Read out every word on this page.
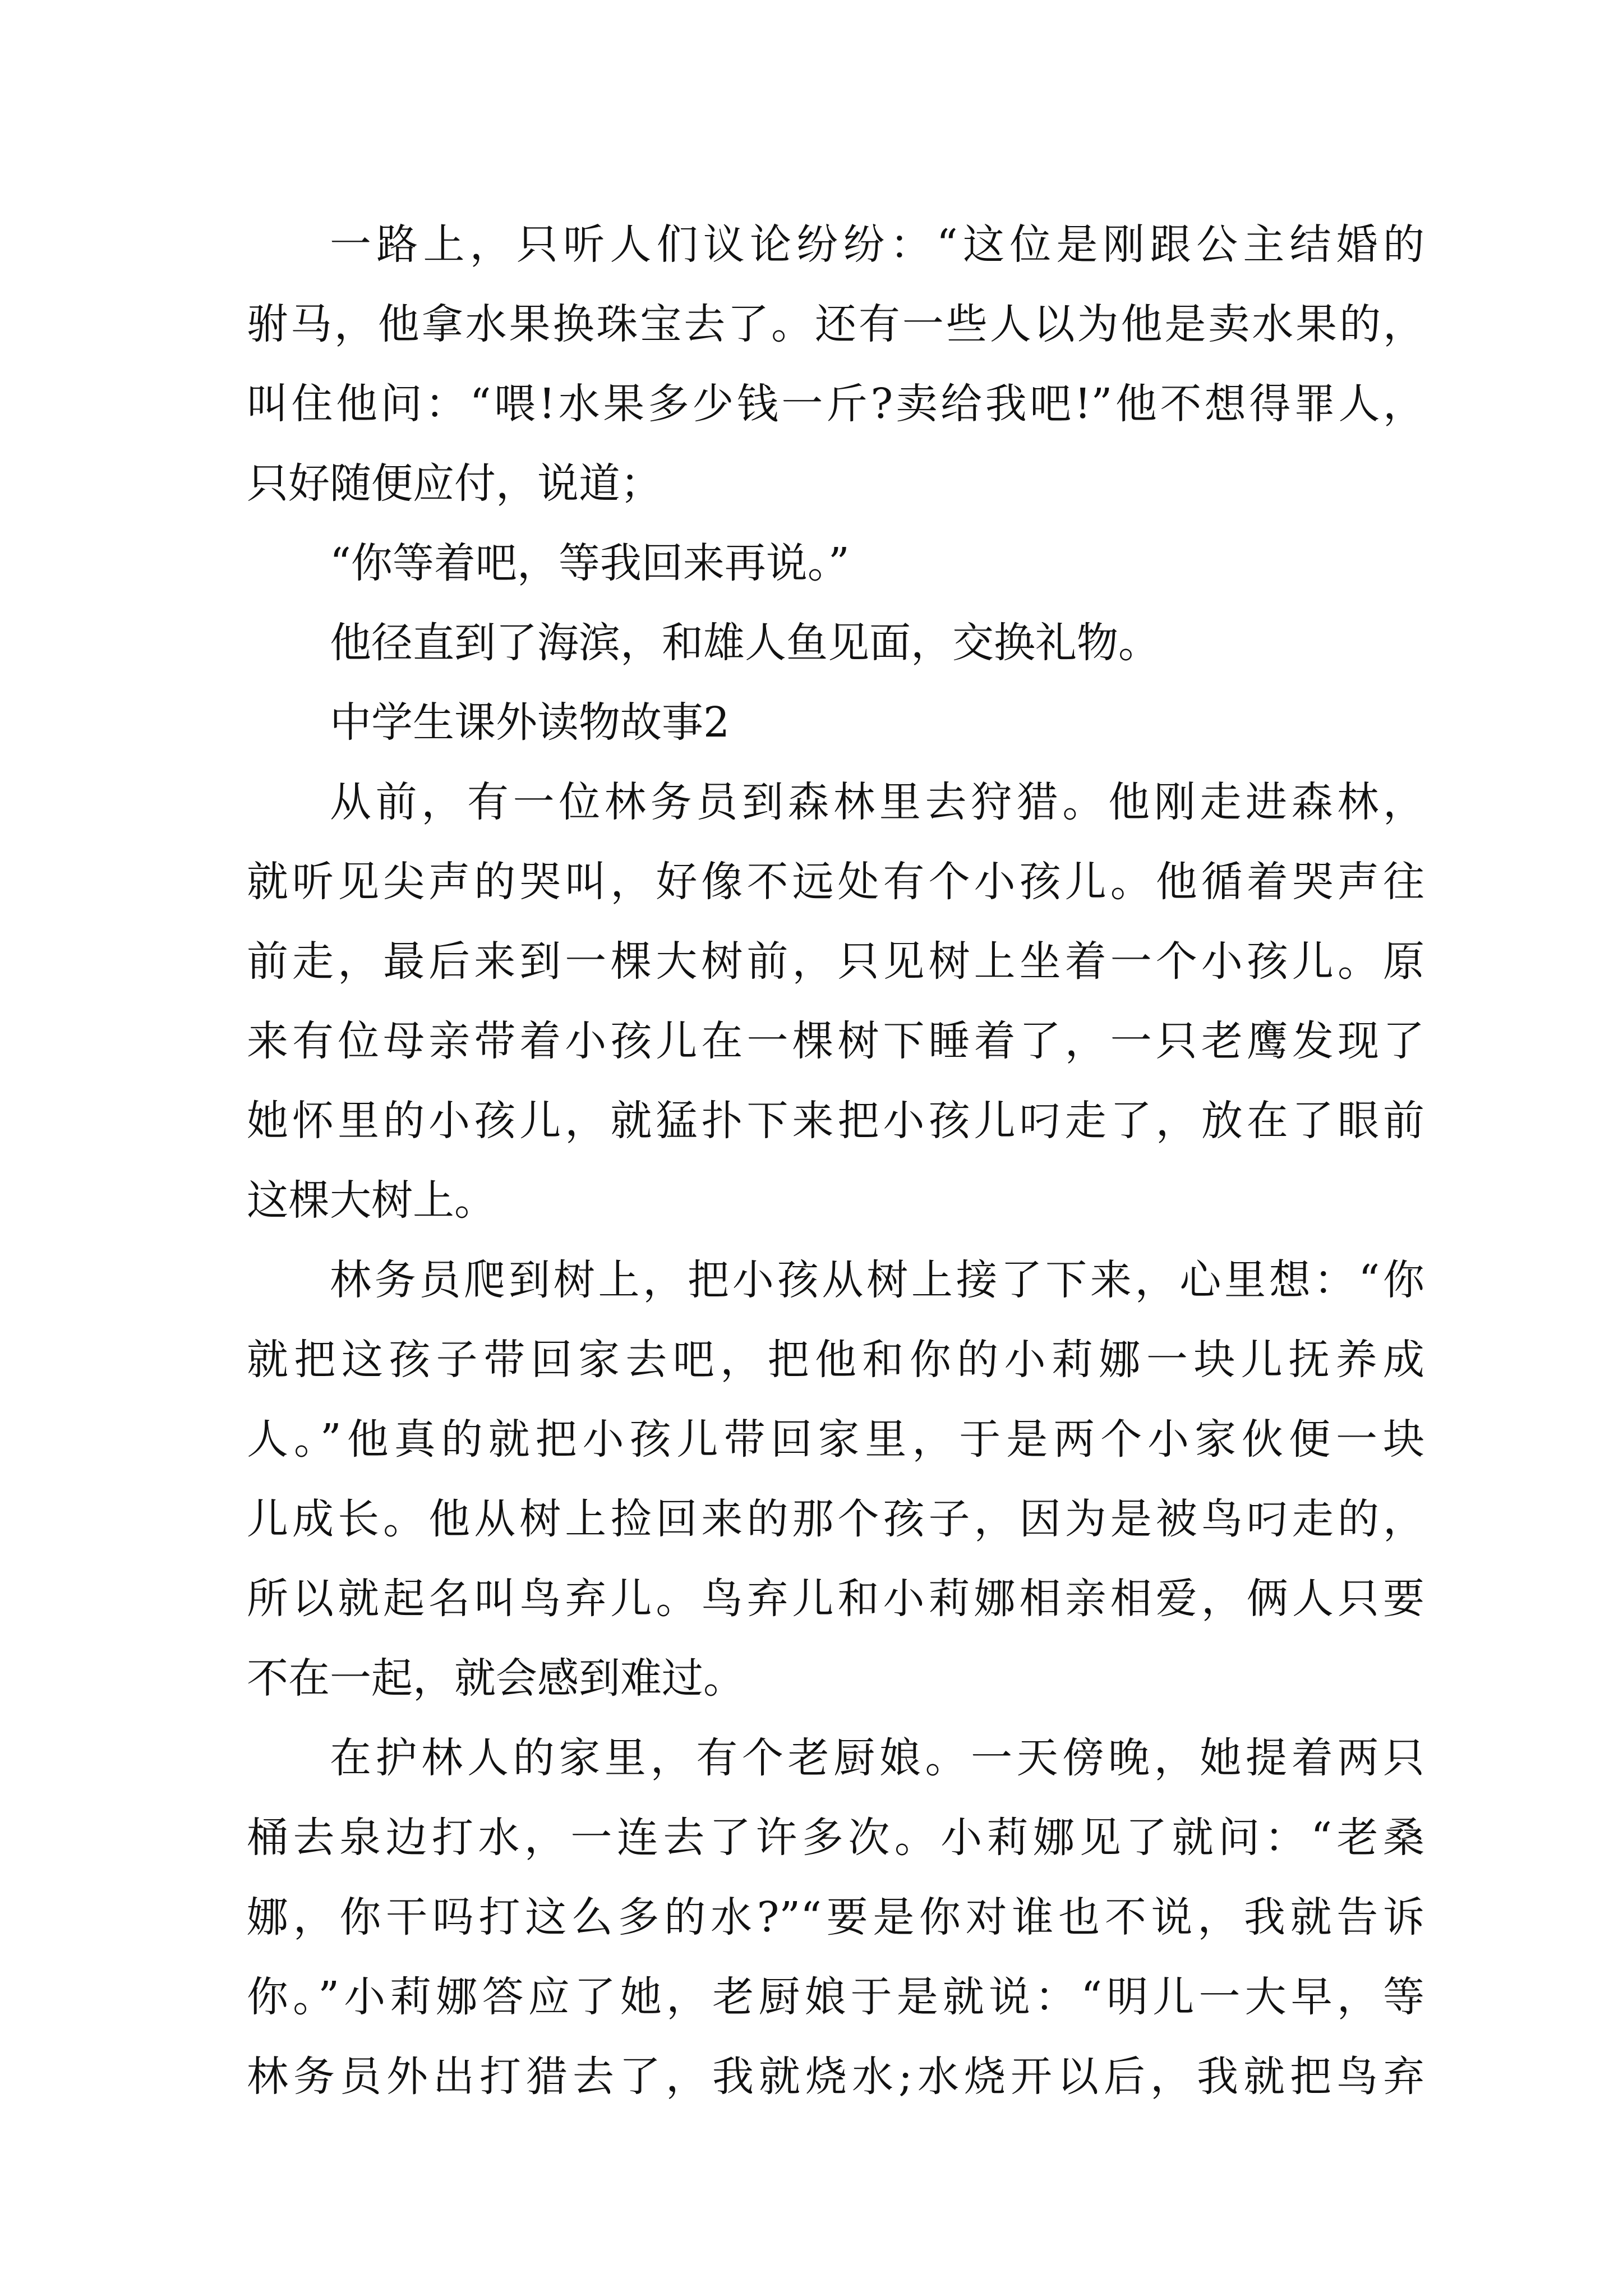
一路上，只听人们议论纷纷：“这位是刚跟公主结婚的
驸马，他拿水果换珠宝去了。还有一些人以为他是卖水果的，
叫住他问：“喂!水果多少钱一斤?卖给我吧!”他不想得罪人，
只好随便应付，说道；
“你等着吧，等我回来再说。”
他径直到了海滨，和雄人鱼见面，交换礼物。
中学生课外读物故事2
从前，有一位林务员到森林里去狩猎。他刚走进森林，
就听见尖声的哭叫，好像不远处有个小孩儿。他循着哭声往
前走，最后来到一棵大树前，只见树上坐着一个小孩儿。原
来有位母亲带着小孩儿在一棵树下睡着了，一只老鹰发现了
她怀里的小孩儿，就猛扑下来把小孩儿叼走了，放在了眼前
这棵大树上。
林务员爬到树上，把小孩从树上接了下来，心里想：“你
就把这孩子带回家去吧，把他和你的小莉娜一块儿抚养成
人。”他真的就把小孩儿带回家里，于是两个小家伙便一块
儿成长。他从树上捡回来的那个孩子，因为是被鸟叼走的，
所以就起名叫鸟弃儿。鸟弃儿和小莉娜相亲相爱，俩人只要
不在一起，就会感到难过。
在护林人的家里，有个老厨娘。一天傍晚，她提着两只
桶去泉边打水，一连去了许多次。小莉娜见了就问：“老桑
娜，你干吗打这么多的水?”“要是你对谁也不说，我就告诉
你。”小莉娜答应了她，老厨娘于是就说：“明儿一大早，等
林务员外出打猎去了，我就烧水;水烧开以后，我就把鸟弃
